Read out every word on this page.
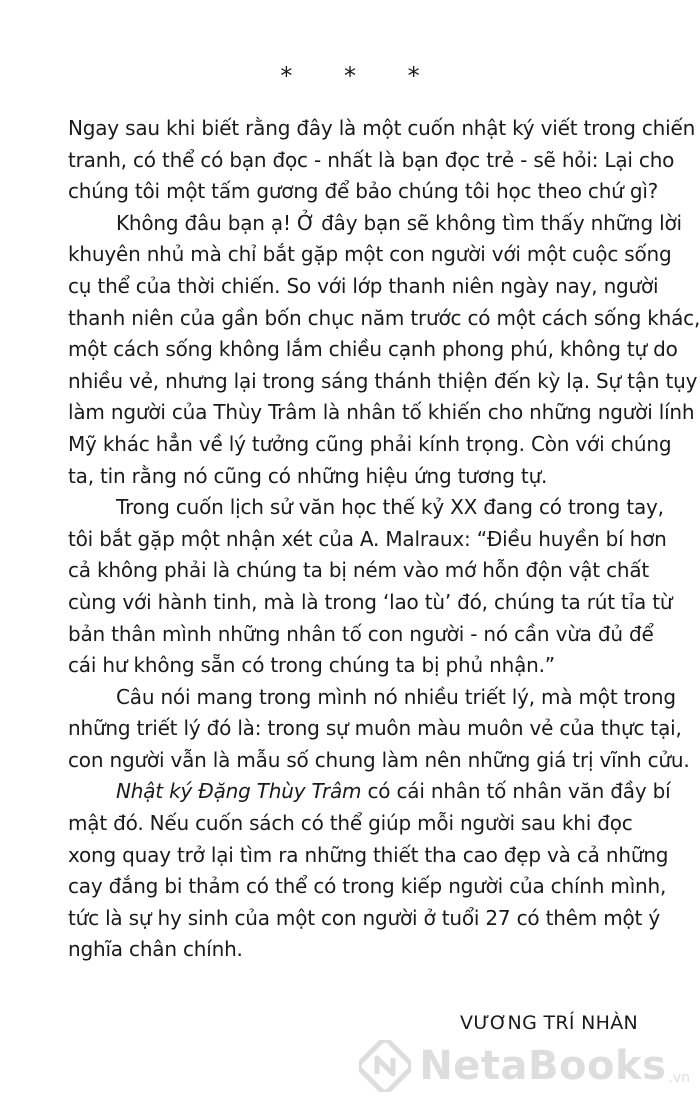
* * *
Ngay sau khi biết rằng đây là một cuốn nhật ký viết trong chiến
tranh, có thể có bạn đọc - nhất là bạn đọc trẻ - sẽ hỏi: Lại cho
chúng tôi một tấm gương để bảo chúng tôi học theo chứ gì?
Không đâu bạn ạ! Ở đây bạn sẽ không tìm thấy những lời
khuyên nhủ mà chỉ bắt gặp một con người với một cuộc sống
cụ thể của thời chiến. So với lớp thanh niên ngày nay, người
thanh niên của gần bốn chục năm trước có một cách sống khác,
một cách sống không lắm chiều cạnh phong phú, không tự do
nhiều vẻ, nhưng lại trong sáng thánh thiện đến kỳ lạ. Sự tận tụy
làm người của Thùy Trâm là nhân tố khiến cho những người lính
Mỹ khác hẳn về lý tưởng cũng phải kính trọng. Còn với chúng
ta, tin rằng nó cũng có những hiệu ứng tương tự.
Trong cuốn lịch sử văn học thế kỷ XX đang có trong tay,
tôi bắt gặp một nhận xét của A. Malraux: “Điều huyền bí hơn
cả không phải là chúng ta bị ném vào mớ hỗn độn vật chất
cùng với hành tinh, mà là trong ‘lao tù’ đó, chúng ta rút tỉa từ
bản thân mình những nhân tố con người - nó cần vừa đủ để
cái hư không sẵn có trong chúng ta bị phủ nhận.”
Câu nói mang trong mình nó nhiều triết lý, mà một trong
những triết lý đó là: trong sự muôn màu muôn vẻ của thực tại,
con người vẫn là mẫu số chung làm nên những giá trị vĩnh cửu.
Nhật ký Đặng Thùy Trâm có cái nhân tố nhân văn đầy bí
mật đó. Nếu cuốn sách có thể giúp mỗi người sau khi đọc
xong quay trở lại tìm ra những thiết tha cao đẹp và cả những
cay đắng bi thảm có thể có trong kiếp người của chính mình,
tức là sự hy sinh của một con người ở tuổi 27 có thêm một ý
nghĩa chân chính.
VƯƠNG TRÍ NHÀN
NetaBooks .vn
